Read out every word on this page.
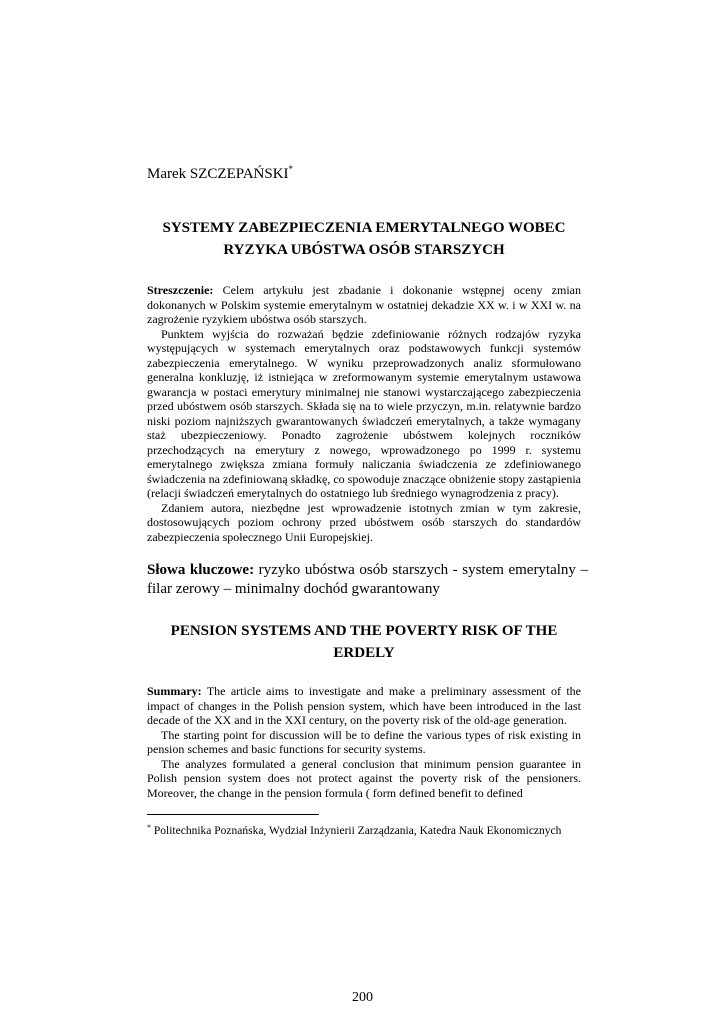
Marek SZCZEPAŃSKI*
SYSTEMY ZABEZPIECZENIA EMERYTALNEGO WOBEC
RYZYKA UBÓSTWA OSÓB STARSZYCH

Streszczenie: Celem artykułu jest zbadanie i dokonanie wstępnej oceny zmian dokonanych w Polskim systemie emerytalnym w ostatniej dekadzie XX w. i w XXI w. na zagrożenie ryzykiem ubóstwa osób starszych.

Punktem wyjścia do rozważań będzie zdefiniowanie różnych rodzajów ryzyka występujących w systemach emerytalnych oraz podstawowych funkcji systemów zabezpieczenia emerytalnego. W wyniku przeprowadzonych analiz sformułowano generalna konkluzję, iż istniejąca w zreformowanym systemie emerytalnym ustawowa gwarancja w postaci emerytury minimalnej nie stanowi wystarczającego zabezpieczenia przed ubóstwem osób starszych. Składa się na to wiele przyczyn, m.in. relatywnie bardzo niski poziom najniższych gwarantowanych świadczeń emerytalnych, a także wymagany staż ubezpieczeniowy. Ponadto zagrożenie ubóstwem kolejnych roczników przechodzących na emerytury z nowego, wprowadzonego po 1999 r. systemu emerytalnego zwiększa zmiana formuły naliczania świadczenia ze zdefiniowanego świadczenia na zdefiniowaną składkę, co spowoduje znaczące obniżenie stopy zastąpienia (relacji świadczeń emerytalnych do ostatniego lub średniego wynagrodzenia z pracy).

Zdaniem autora, niezbędne jest wprowadzenie istotnych zmian w tym zakresie, dostosowujących poziom ochrony przed ubóstwem osób starszych do standardów zabezpieczenia społecznego Unii Europejskiej.

Słowa kluczowe: ryzyko ubóstwa osób starszych - system emerytalny –
filar zerowy – minimalny dochód gwarantowany
PENSION SYSTEMS AND THE POVERTY RISK OF THE
ERDELY

Summary: The article aims to investigate and make a preliminary assessment of the impact of changes in the Polish pension system, which have been introduced in the last decade of the XX and in the XXI century, on the poverty risk of the old-age generation.

The starting point for discussion will be to define the various types of risk existing in pension schemes and basic functions for security systems.

The analyzes formulated a general conclusion that minimum pension guarantee in Polish pension system does not protect against the poverty risk of the pensioners. Moreover, the change in the pension formula ( form defined benefit to defined

* Politechnika Poznańska, Wydział Inżynierii Zarządzania, Katedra Nauk Ekonomicznych
200
